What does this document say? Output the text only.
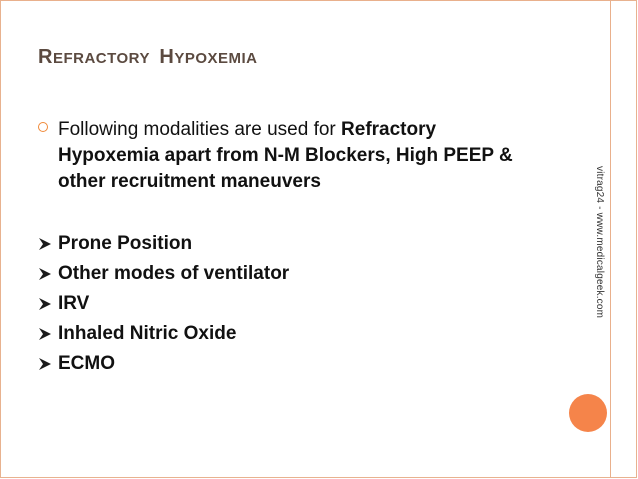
REFRACTORY HYPOXEMIA
Following modalities are used for Refractory Hypoxemia apart from N-M Blockers, High PEEP & other recruitment maneuvers
Prone Position
Other modes of ventilator
IRV
Inhaled Nitric Oxide
ECMO
vitrag24 - www.medicalgeek.com
